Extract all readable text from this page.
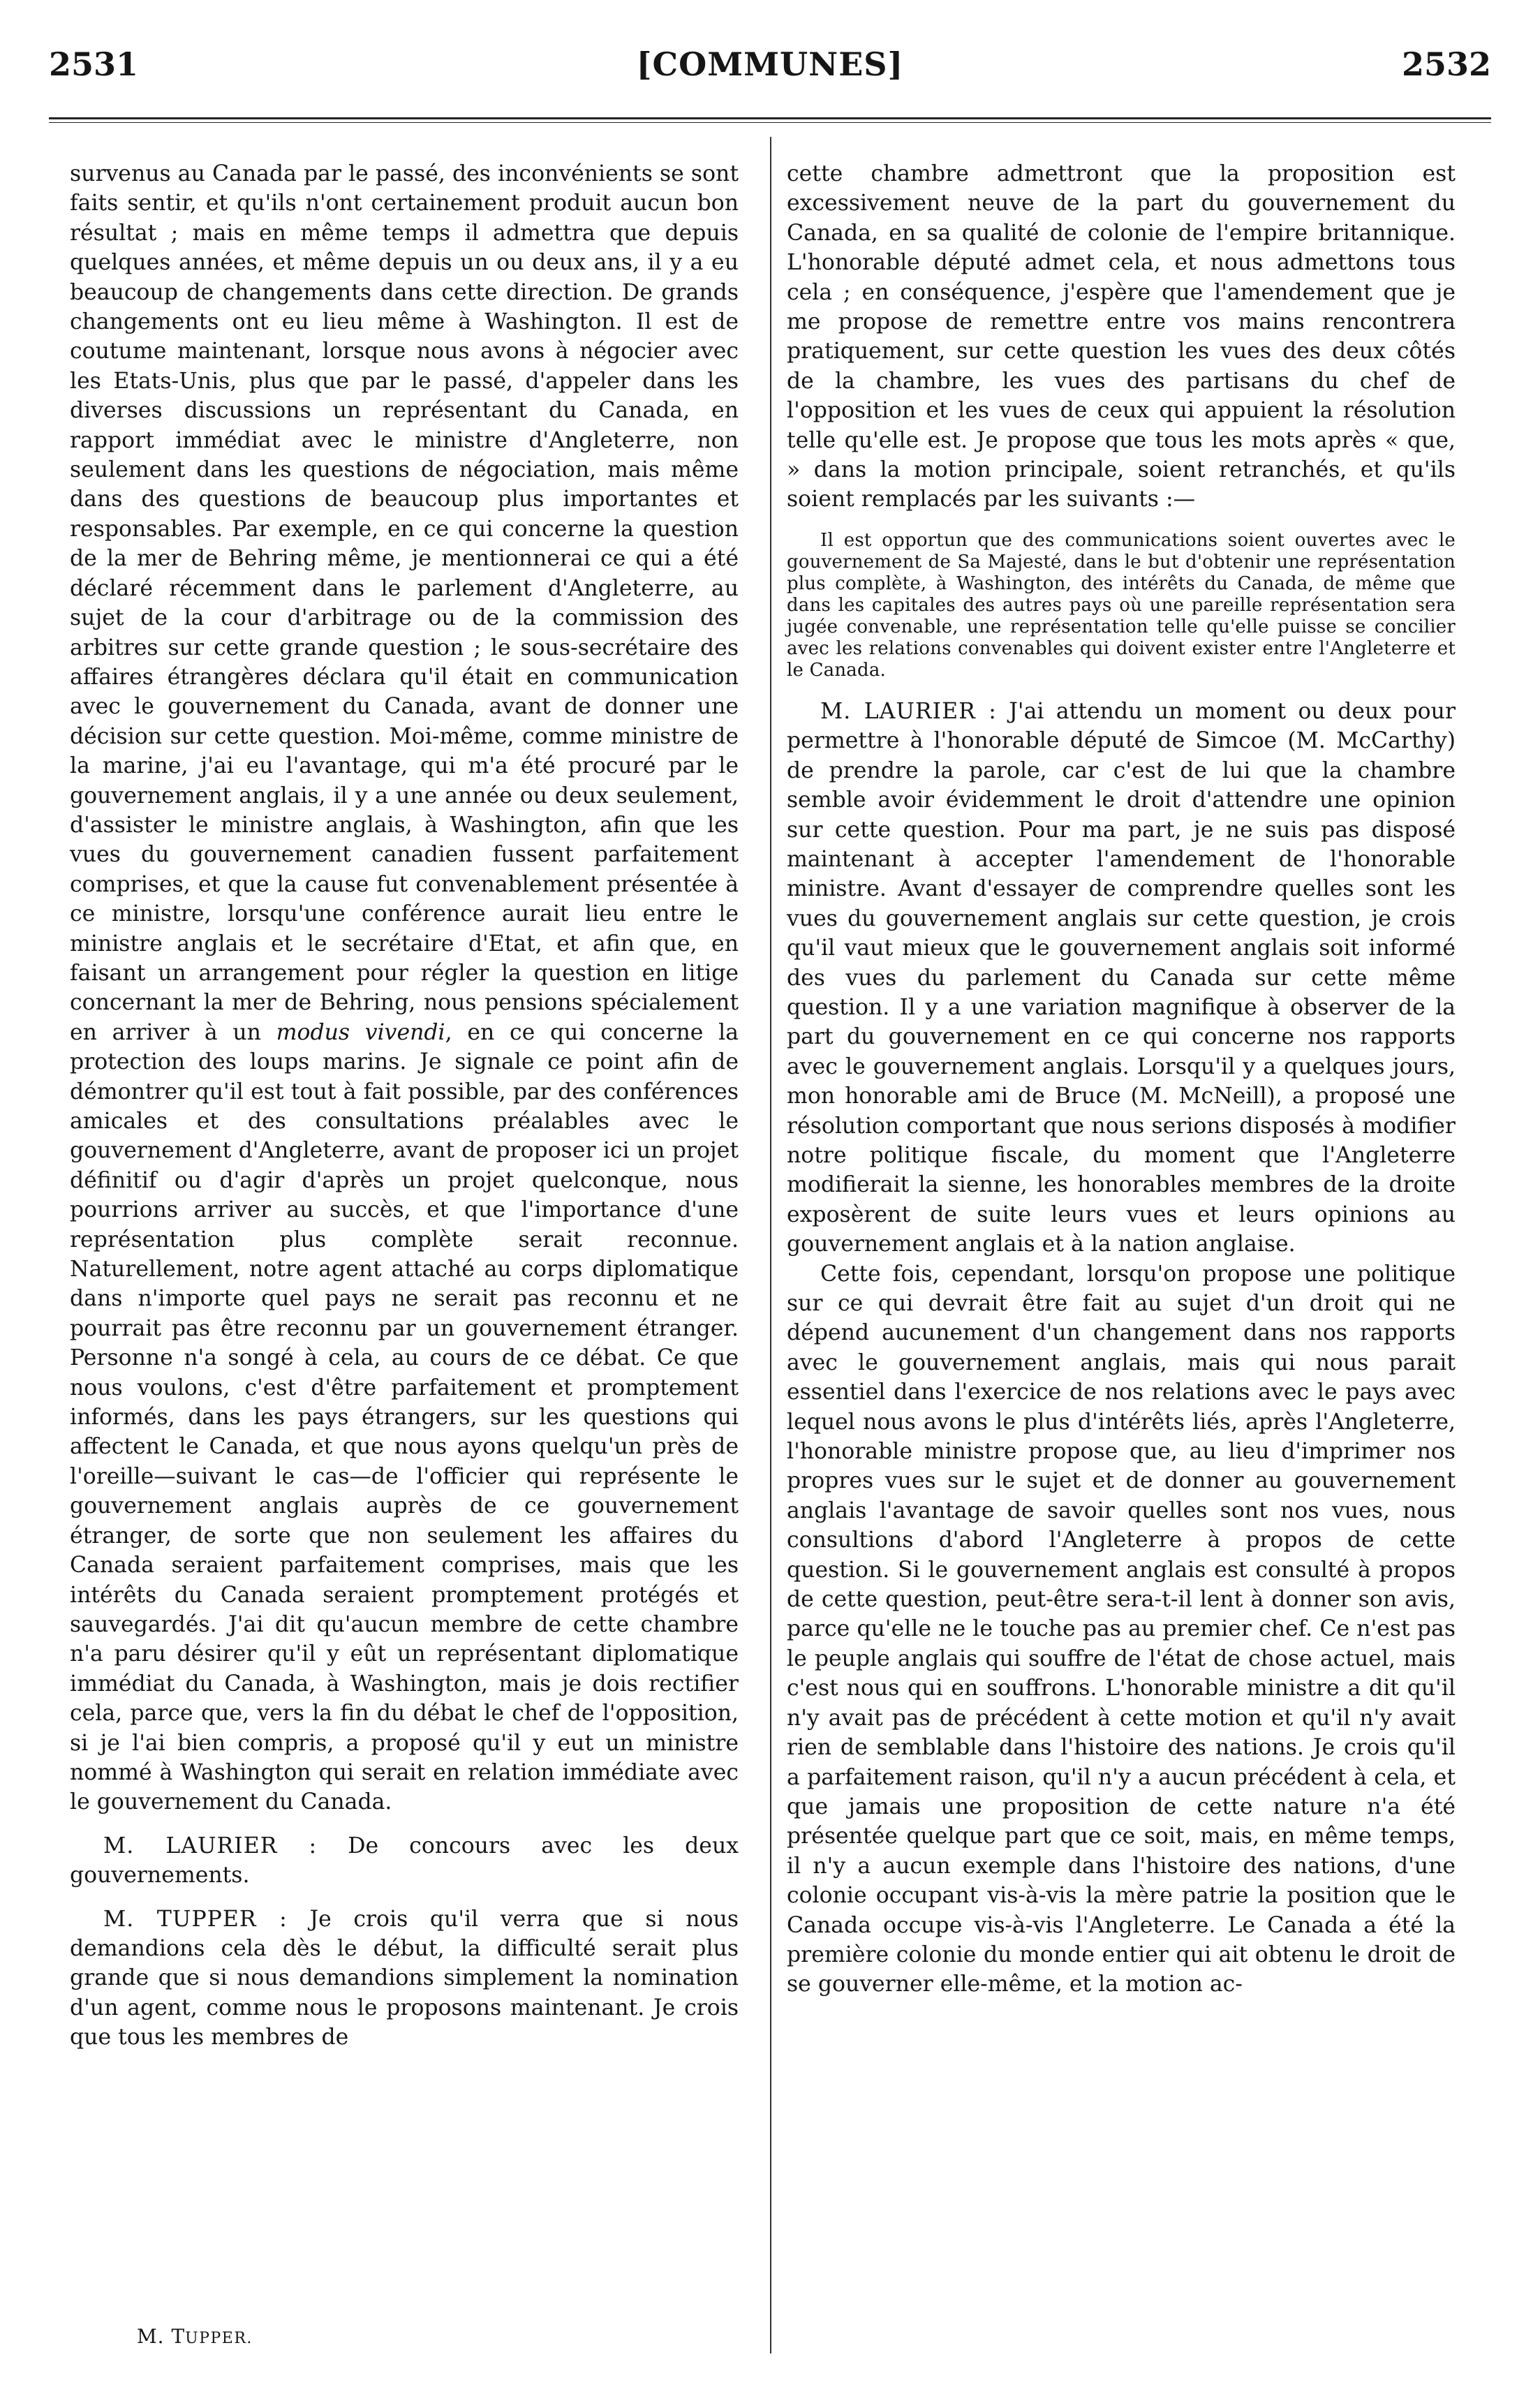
2531	[COMMUNES]	2532

survenus au Canada par le passé, des inconvénients se sont faits sentir, et qu'ils n'ont certainement produit aucun bon résultat ; mais en même temps il admettra que depuis quelques années, et même depuis un ou deux ans, il y a eu beaucoup de changements dans cette direction. De grands changements ont eu lieu même à Washington. Il est de coutume maintenant, lorsque nous avons à négocier avec les Etats-Unis, plus que par le passé, d'appeler dans les diverses discussions un représentant du Canada, en rapport immédiat avec le ministre d'Angleterre, non seulement dans les questions de négociation, mais même dans des questions de beaucoup plus importantes et responsables. Par exemple, en ce qui concerne la question de la mer de Behring même, je mentionnerai ce qui a été déclaré récemment dans le parlement d'Angleterre, au sujet de la cour d'arbitrage ou de la commission des arbitres sur cette grande question ; le sous-secrétaire des affaires étrangères déclara qu'il était en communication avec le gouvernement du Canada, avant de donner une décision sur cette question. Moi-même, comme ministre de la marine, j'ai eu l'avantage, qui m'a été procuré par le gouvernement anglais, il y a une année ou deux seulement, d'assister le ministre anglais, à Washington, afin que les vues du gouvernement canadien fussent parfaitement comprises, et que la cause fut convenablement présentée à ce ministre, lorsqu'une conférence aurait lieu entre le ministre anglais et le secrétaire d'Etat, et afin que, en faisant un arrangement pour régler la question en litige concernant la mer de Behring, nous pensions spécialement en arriver à un modus vivendi, en ce qui concerne la protection des loups marins. Je signale ce point afin de démontrer qu'il est tout à fait possible, par des conférences amicales et des consultations préalables avec le gouvernement d'Angleterre, avant de proposer ici un projet définitif ou d'agir d'après un projet quelconque, nous pourrions arriver au succès, et que l'importance d'une représentation plus complète serait reconnue. Naturellement, notre agent attaché au corps diplomatique dans n'importe quel pays ne serait pas reconnu et ne pourrait pas être reconnu par un gouvernement étranger. Personne n'a songé à cela, au cours de ce débat. Ce que nous voulons, c'est d'être parfaitement et promptement informés, dans les pays étrangers, sur les questions qui affectent le Canada, et que nous ayons quelqu'un près de l'oreille—suivant le cas—de l'officier qui représente le gouvernement anglais auprès de ce gouvernement étranger, de sorte que non seulement les affaires du Canada seraient parfaitement comprises, mais que les intérêts du Canada seraient promptement protégés et sauvegardés. J'ai dit qu'aucun membre de cette chambre n'a paru désirer qu'il y eût un représentant diplomatique immédiat du Canada, à Washington, mais je dois rectifier cela, parce que, vers la fin du débat le chef de l'opposition, si je l'ai bien compris, a proposé qu'il y eut un ministre nommé à Washington qui serait en relation immédiate avec le gouvernement du Canada.

M. LAURIER : De concours avec les deux gouvernements.

M. TUPPER : Je crois qu'il verra que si nous demandions cela dès le début, la difficulté serait plus grande que si nous demandions simplement la nomination d'un agent, comme nous le proposons maintenant. Je crois que tous les membres de

M. TUPPER.

cette chambre admettront que la proposition est excessivement neuve de la part du gouvernement du Canada, en sa qualité de colonie de l'empire britannique. L'honorable député admet cela, et nous admettons tous cela ; en conséquence, j'espère que l'amendement que je me propose de remettre entre vos mains rencontrera pratiquement, sur cette question les vues des deux côtés de la chambre, les vues des partisans du chef de l'opposition et les vues de ceux qui appuient la résolution telle qu'elle est. Je propose que tous les mots après « que, » dans la motion principale, soient retranchés, et qu'ils soient remplacés par les suivants :—

Il est opportun que des communications soient ouvertes avec le gouvernement de Sa Majesté, dans le but d'obtenir une représentation plus complète, à Washington, des intérêts du Canada, de même que dans les capitales des autres pays où une pareille représentation sera jugée convenable, une représentation telle qu'elle puisse se concilier avec les relations convenables qui doivent exister entre l'Angleterre et le Canada.

M. LAURIER : J'ai attendu un moment ou deux pour permettre à l'honorable député de Simcoe (M. McCarthy) de prendre la parole, car c'est de lui que la chambre semble avoir évidemment le droit d'attendre une opinion sur cette question. Pour ma part, je ne suis pas disposé maintenant à accepter l'amendement de l'honorable ministre. Avant d'essayer de comprendre quelles sont les vues du gouvernement anglais sur cette question, je crois qu'il vaut mieux que le gouvernement anglais soit informé des vues du parlement du Canada sur cette même question. Il y a une variation magnifique à observer de la part du gouvernement en ce qui concerne nos rapports avec le gouvernement anglais. Lorsqu'il y a quelques jours, mon honorable ami de Bruce (M. McNeill), a proposé une résolution comportant que nous serions disposés à modifier notre politique fiscale, du moment que l'Angleterre modifierait la sienne, les honorables membres de la droite exposèrent de suite leurs vues et leurs opinions au gouvernement anglais et à la nation anglaise.

Cette fois, cependant, lorsqu'on propose une politique sur ce qui devrait être fait au sujet d'un droit qui ne dépend aucunement d'un changement dans nos rapports avec le gouvernement anglais, mais qui nous parait essentiel dans l'exercice de nos relations avec le pays avec lequel nous avons le plus d'intérêts liés, après l'Angleterre, l'honorable ministre propose que, au lieu d'imprimer nos propres vues sur le sujet et de donner au gouvernement anglais l'avantage de savoir quelles sont nos vues, nous consultions d'abord l'Angleterre à propos de cette question. Si le gouvernement anglais est consulté à propos de cette question, peut-être sera-t-il lent à donner son avis, parce qu'elle ne le touche pas au premier chef. Ce n'est pas le peuple anglais qui souffre de l'état de chose actuel, mais c'est nous qui en souffrons. L'honorable ministre a dit qu'il n'y avait pas de précédent à cette motion et qu'il n'y avait rien de semblable dans l'histoire des nations. Je crois qu'il a parfaitement raison, qu'il n'y a aucun précédent à cela, et que jamais une proposition de cette nature n'a été présentée quelque part que ce soit, mais, en même temps, il n'y a aucun exemple dans l'histoire des nations, d'une colonie occupant vis-à-vis la mère patrie la position que le Canada occupe vis-à-vis l'Angleterre. Le Canada a été la première colonie du monde entier qui ait obtenu le droit de se gouverner elle-même, et la motion ac-
